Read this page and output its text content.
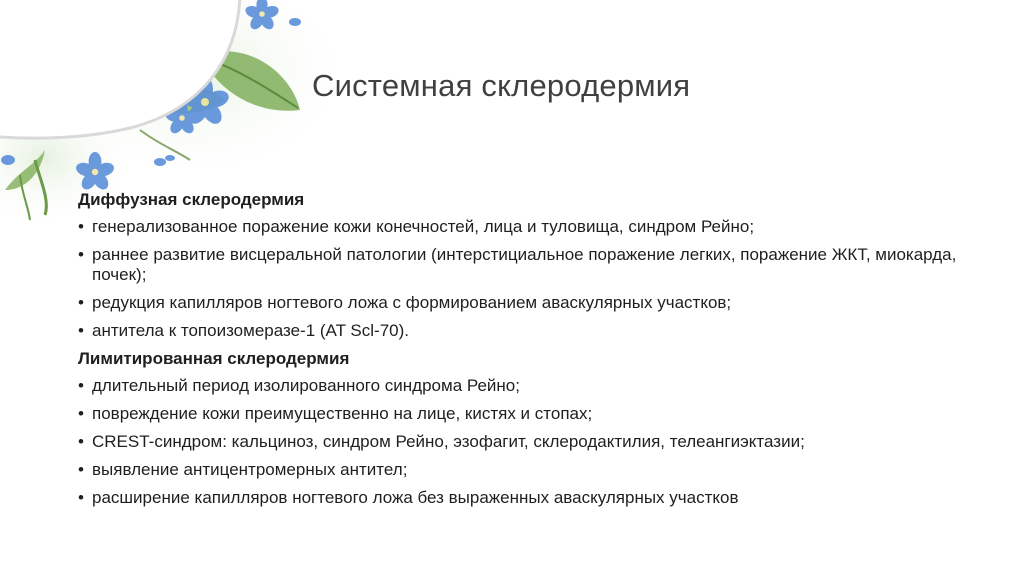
Системная склеродермия
Диффузная склеродермия
• генерализованное поражение кожи конечностей, лица и туловища, синдром Рейно;
• раннее развитие висцеральной патологии (интерстициальное поражение легких, поражение ЖКТ, миокарда, почек);
• редукция капилляров ногтевого ложа с формированием аваскулярных участков;
• антитела к топоизомеразе-1 (AT Scl-70).
Лимитированная склеродермия
• длительный период изолированного синдрома Рейно;
• повреждение кожи преимущественно на лице, кистях и стопах;
• CREST-синдром: кальциноз, синдром Рейно, эзофагит, склеродактилия, телеангиэктазии;
• выявление антицентромерных антител;
• расширение капилляров ногтевого ложа без выраженных аваскулярных участков
